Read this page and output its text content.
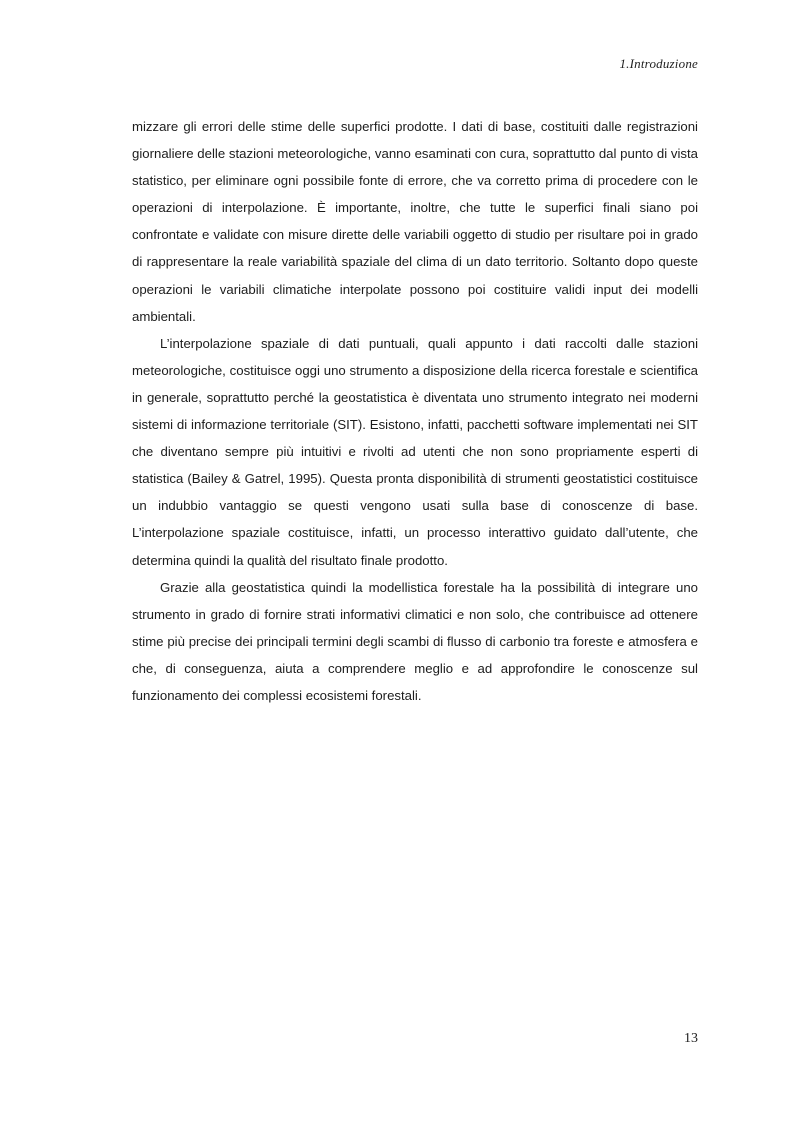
1.Introduzione

mizzare gli errori delle stime delle superfici prodotte. I dati di base, costituiti dalle registrazioni giornaliere delle stazioni meteorologiche, vanno esaminati con cura, soprattutto dal punto di vista statistico, per eliminare ogni possibile fonte di errore, che va corretto prima di procedere con le operazioni di interpolazione. È importante, inoltre, che tutte le superfici finali siano poi confrontate e validate con misure dirette delle variabili oggetto di studio per risultare poi in grado di rappresentare la reale variabilità spaziale del clima di un dato territorio. Soltanto dopo queste operazioni le variabili climatiche interpolate possono poi costituire validi input dei modelli ambientali.

L’interpolazione spaziale di dati puntuali, quali appunto i dati raccolti dalle stazioni meteorologiche, costituisce oggi uno strumento a disposizione della ricerca forestale e scientifica in generale, soprattutto perché la geostatistica è diventata uno strumento integrato nei moderni sistemi di informazione territoriale (SIT). Esistono, infatti, pacchetti software implementati nei SIT che diventano sempre più intuitivi e rivolti ad utenti che non sono propriamente esperti di statistica (Bailey & Gatrel, 1995). Questa pronta disponibilità di strumenti geostatistici costituisce un indubbio vantaggio se questi vengono usati sulla base di conoscenze di base. L’interpolazione spaziale costituisce, infatti, un processo interattivo guidato dall’utente, che determina quindi la qualità del risultato finale prodotto.

Grazie alla geostatistica quindi la modellistica forestale ha la possibilità di integrare uno strumento in grado di fornire strati informativi climatici e non solo, che contribuisce ad ottenere stime più precise dei principali termini degli scambi di flusso di carbonio tra foreste e atmosfera e che, di conseguenza, aiuta a comprendere meglio e ad approfondire le conoscenze sul funzionamento dei complessi ecosistemi forestali.

13
